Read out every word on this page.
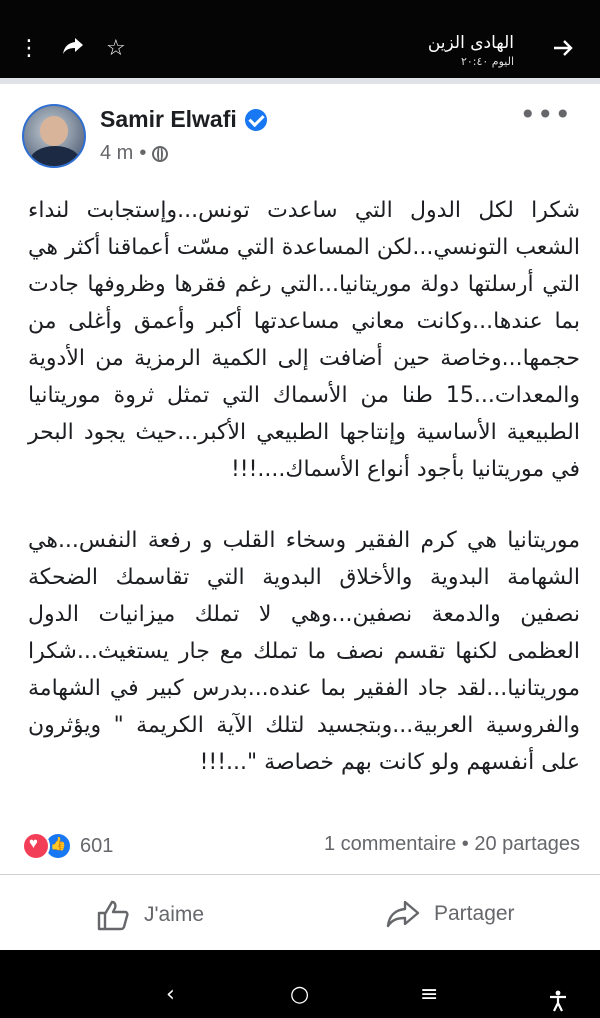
⋮	☆	الهادى الزين
اليوم ٢٠:٤٠
Samir Elwafi
4 m •
•••

شكرا لكل الدول التي ساعدت تونس...وإستجابت لنداء الشعب التونسي...لكن المساعدة التي مسّت أعماقنا أكثر هي التي أرسلتها دولة موريتانيا...التي رغم فقرها وظروفها جادت بما عندها...وكانت معاني مساعدتها أكبر وأعمق وأغلى من حجمها...وخاصة حين أضافت إلى الكمية الرمزية من الأدوية والمعدات...15 طنا من الأسماك التي تمثل ثروة موريتانيا الطبيعية الأساسية وإنتاجها الطبيعي الأكبر...حيث يجود البحر في موريتانيا بأجود أنواع الأسماك....!!!

موريتانيا هي كرم الفقير وسخاء القلب و رفعة النفس...هي الشهامة البدوية والأخلاق البدوية التي تقاسمك الضحكة نصفين والدمعة نصفين...وهي لا تملك ميزانيات الدول العظمى لكنها تقسم نصف ما تملك مع جار يستغيث...شكرا موريتانيا...لقد جاد الفقير بما عنده...بدرس كبير في الشهامة والفروسية العربية...وبتجسيد لتلك الآية الكريمة " ويؤثرون على أنفسهم ولو كانت بهم خصاصة "...!!!

♥
👍
601	1 commentaire • 20 partages
J'aime	Partager
‹	○	≡
